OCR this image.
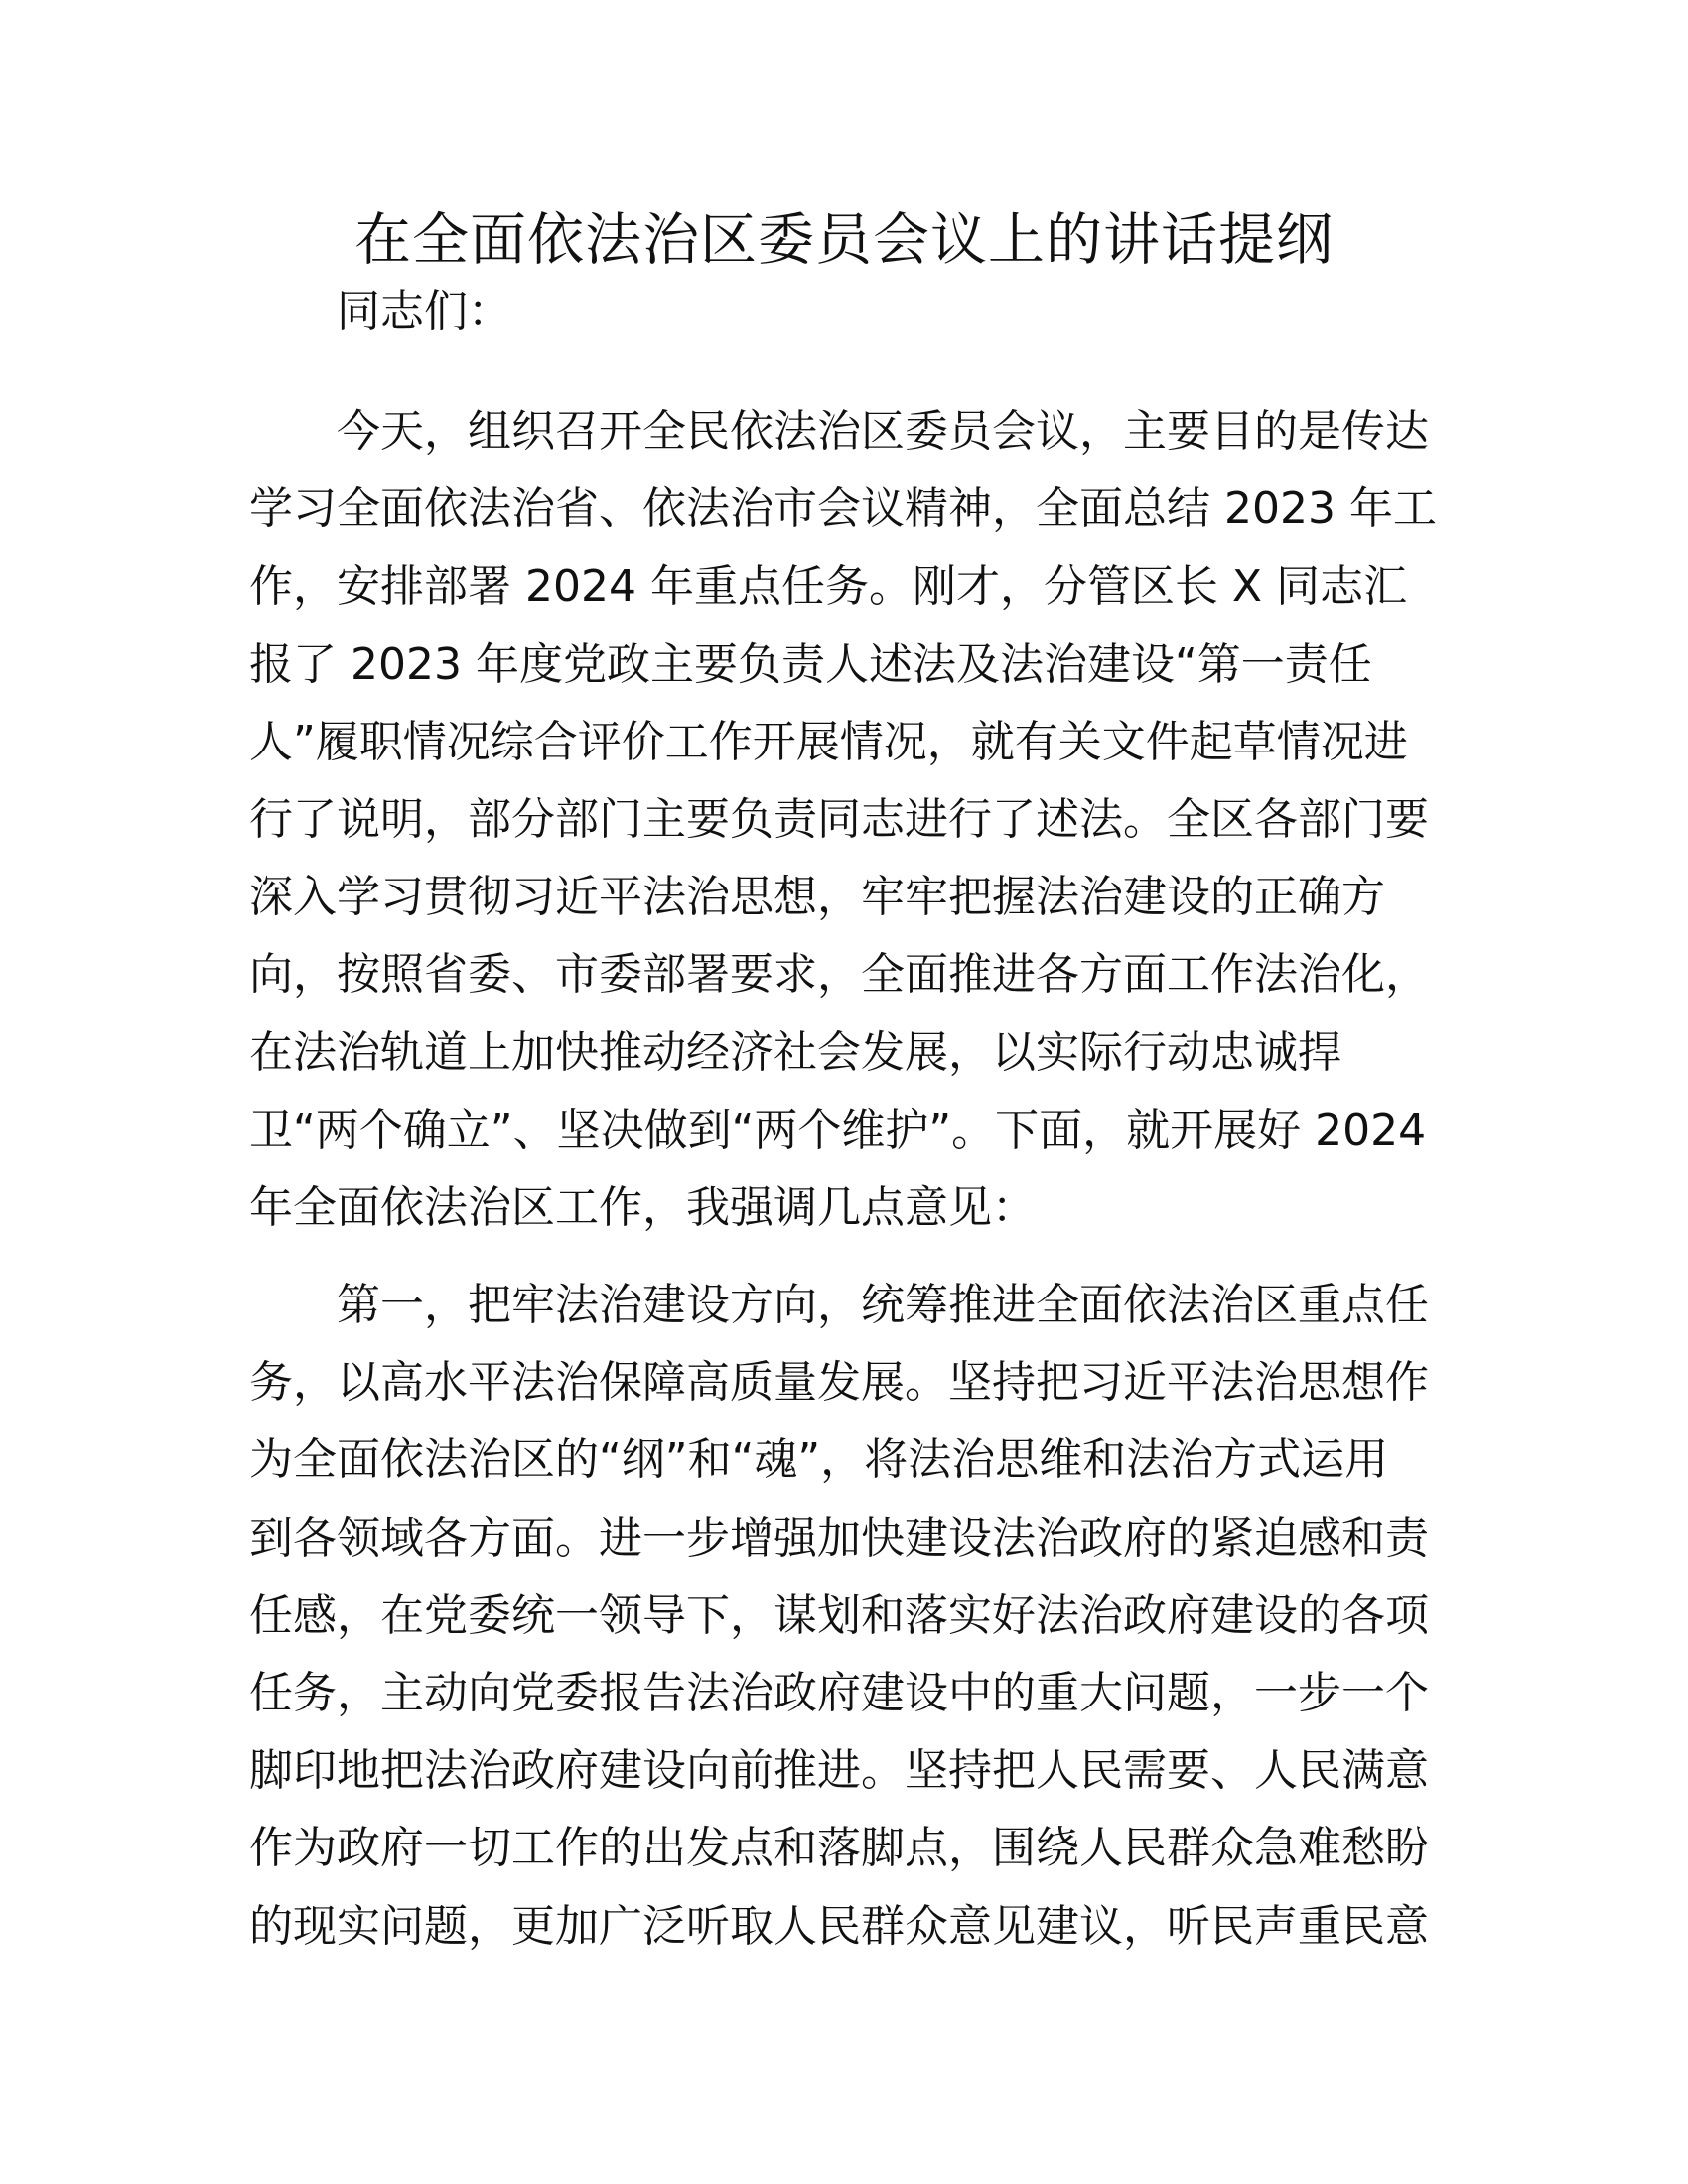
在全面依法治区委员会议上的讲话提纲
同志们：
今天，组织召开全民依法治区委员会议，主要目的是传达
学习全面依法治省、依法治市会议精神，全面总结 2023 年工
作，安排部署 2024 年重点任务。刚才，分管区长 X 同志汇
报了 2023 年度党政主要负责人述法及法治建设“第一责任
人”履职情况综合评价工作开展情况，就有关文件起草情况进
行了说明，部分部门主要负责同志进行了述法。全区各部门要
深入学习贯彻习近平法治思想，牢牢把握法治建设的正确方
向，按照省委、市委部署要求，全面推进各方面工作法治化，
在法治轨道上加快推动经济社会发展，以实际行动忠诚捍
卫“两个确立”、坚决做到“两个维护”。下面，就开展好 2024
年全面依法治区工作，我强调几点意见：
第一，把牢法治建设方向，统筹推进全面依法治区重点任
务，以高水平法治保障高质量发展。坚持把习近平法治思想作
为全面依法治区的“纲”和“魂”，将法治思维和法治方式运用
到各领域各方面。进一步增强加快建设法治政府的紧迫感和责
任感，在党委统一领导下，谋划和落实好法治政府建设的各项
任务，主动向党委报告法治政府建设中的重大问题，一步一个
脚印地把法治政府建设向前推进。坚持把人民需要、人民满意
作为政府一切工作的出发点和落脚点，围绕人民群众急难愁盼
的现实问题，更加广泛听取人民群众意见建议，听民声重民意
